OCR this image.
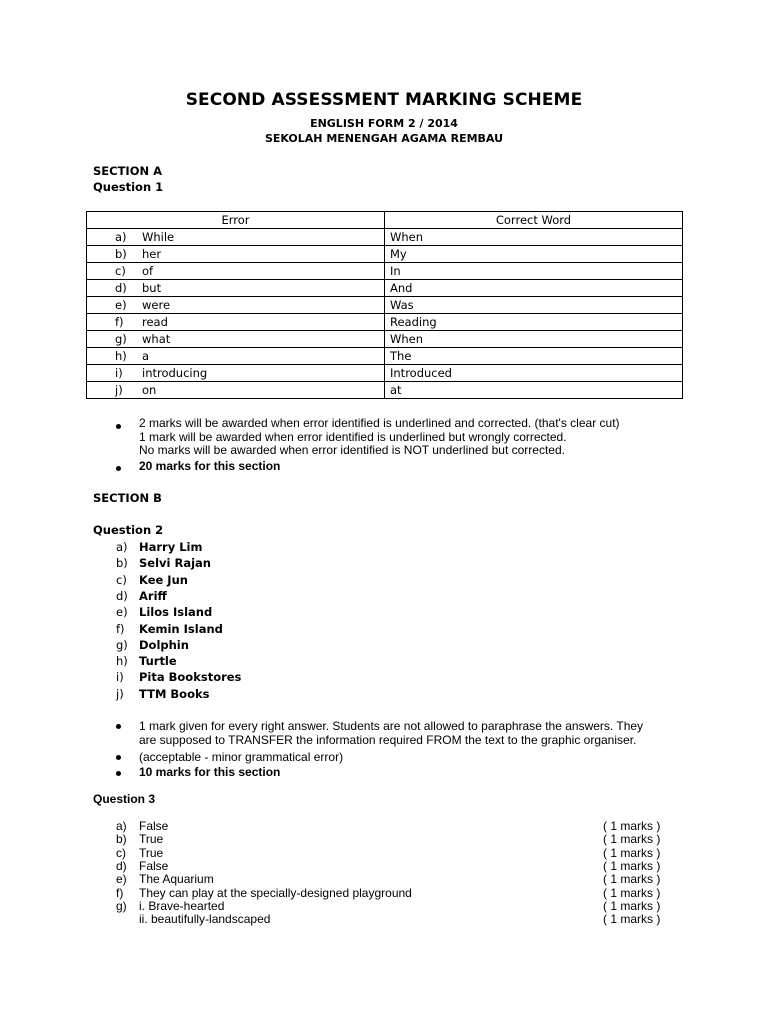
SECOND ASSESSMENT MARKING SCHEME
ENGLISH FORM 2 / 2014
SEKOLAH MENENGAH AGAMA REMBAU
SECTION A
Question 1
Error	Correct Word
a) While	When
b) her	My
c) of	In
d) but	And
e) were	Was
f) read	Reading
g) what	When
h) a	The
i) introducing	Introduced
j) on	at
2 marks will be awarded when error identified is underlined and corrected. (that's clear cut)
1 mark will be awarded when error identified is underlined but wrongly corrected.
No marks will be awarded when error identified is NOT underlined but corrected.
20 marks for this section
SECTION B
Question 2
a) Harry Lim
b) Selvi Rajan
c) Kee Jun
d) Ariff
e) Lilos Island
f) Kemin Island
g) Dolphin
h) Turtle
i) Pita Bookstores
j) TTM Books
1 mark given for every right answer. Students are not allowed to paraphrase the answers. They
are supposed to TRANSFER the information required FROM the text to the graphic organiser.
(acceptable - minor grammatical error)
10 marks for this section
Question 3
a) False	( 1 marks )
b) True	( 1 marks )
c) True	( 1 marks )
d) False	( 1 marks )
e) The Aquarium	( 1 marks )
f) They can play at the specially-designed playground	( 1 marks )
g) i. Brave-hearted	( 1 marks )
ii. beautifully-landscaped	( 1 marks )
